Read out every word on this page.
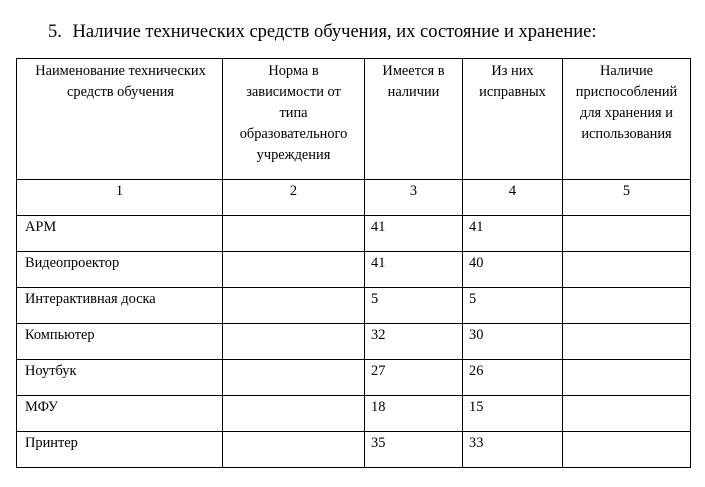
5. Наличие технических средств обучения, их состояние и хранение:
Наименование технических средств обучения	Норма в зависимости от типа образовательного учреждения	Имеется в наличии	Из них исправных	Наличие приспособлений для хранения и использования

1	2	3	4	5
АРМ		41	41	
Видеопроектор		41	40	
Интерактивная доска		5	5	
Компьютер		32	30	
Ноутбук		27	26	
МФУ		18	15	
Принтер		35	33	
